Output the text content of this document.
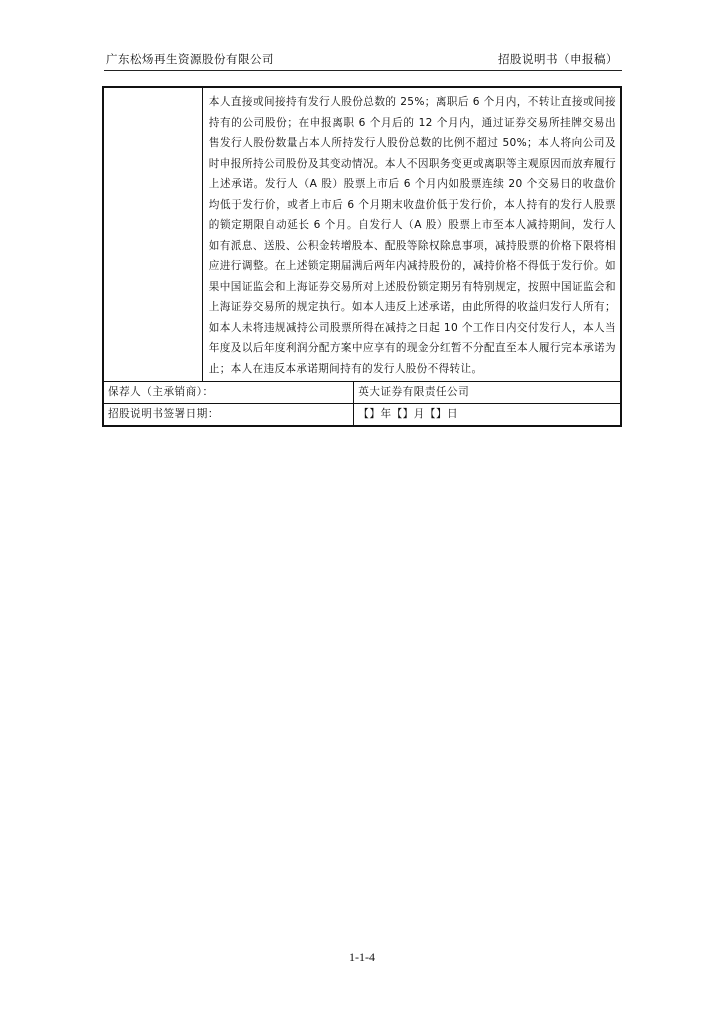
广东松炀再生资源股份有限公司	招股说明书（申报稿）
	本人直接或间接持有发行人股份总数的 25%；离职后 6 个月内，不转让直接或间接持有的公司股份；在申报离职 6 个月后的 12 个月内，通过证券交易所挂牌交易出售发行人股份数量占本人所持发行人股份总数的比例不超过 50%；本人将向公司及时申报所持公司股份及其变动情况。本人不因职务变更或离职等主观原因而放弃履行上述承诺。发行人（A 股）股票上市后 6 个月内如股票连续 20 个交易日的收盘价均低于发行价，或者上市后 6 个月期末收盘价低于发行价，本人持有的发行人股票的锁定期限自动延长 6 个月。自发行人（A 股）股票上市至本人减持期间，发行人如有派息、送股、公积金转增股本、配股等除权除息事项，减持股票的价格下限将相应进行调整。在上述锁定期届满后两年内减持股份的，减持价格不得低于发行价。如果中国证监会和上海证券交易所对上述股份锁定期另有特别规定，按照中国证监会和上海证券交易所的规定执行。如本人违反上述承诺，由此所得的收益归发行人所有；如本人未将违规减持公司股票所得在减持之日起 10 个工作日内交付发行人，本人当年度及以后年度利润分配方案中应享有的现金分红暂不分配直至本人履行完本承诺为止；本人在违反本承诺期间持有的发行人股份不得转让。	
保荐人（主承销商）：		英大证券有限责任公司
招股说明书签署日期：		【】年【】月【】日
1-1-4
